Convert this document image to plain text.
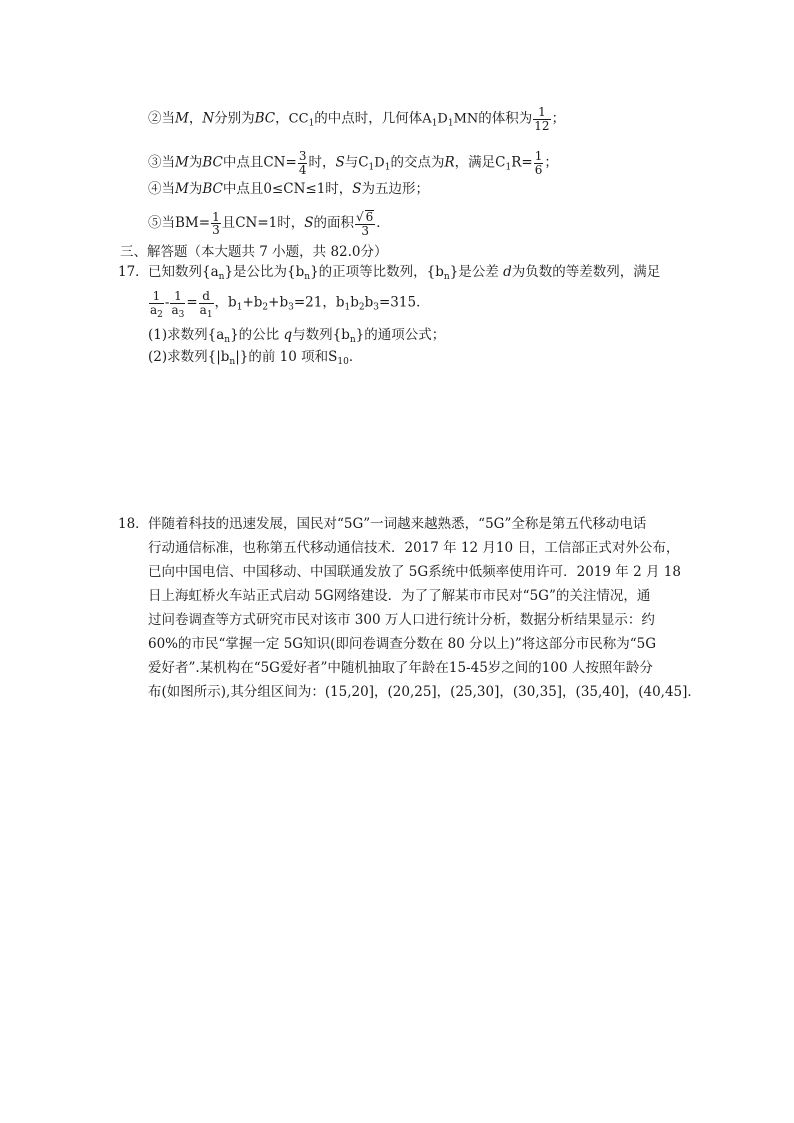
②当M，N分别为BC，$CC_1$的中点时，几何体$A_1D_1MN$的体积为 $\frac{1}{12}$ ；
③当M为BC中点且$CN= \frac{3}{4}$ 时，S与$C_1D_1$的交点为R，满足$C_1R= \frac{1}{6}$ ；
④当M为BC中点且0≤CN≤1时，S为五边形；
⑤当$BM= \frac{1}{3}$ 且CN=1时，S的面积 $\frac{√ 6}{3}$ ．
三、解答题（本大题共 7 小题，共 82.0分）
17． 已知数列$\{a_n\}$是公比为$\{b_n\}$的正项等比数列，$\{b_n\}$是公差 d为负数的等差数列，满足
$\frac{1}{a_2} - \frac{1}{a_3} = \frac{d}{a_1}$ ，$b_1+b_2+b_3=21$，$b_1b_2b_3=315$．
(1)求数列$\{a_n\}$的公比 q与数列$\{b_n\}$的通项公式；
(2)求数列$\{|b_n|\}$的前 10 项和$S_{10}$．
18． 伴随着科技的迅速发展，国民对“5G”一词越来越熟悉，“5G”全称是第五代移动电话
行动通信标准，也称第五代移动通信技术．2017 年 12 月10 日，工信部正式对外公布，
已向中国电信、中国移动、中国联通发放了 5G系统中低频率使用许可．2019 年 2 月 18
日上海虹桥火车站正式启动 5G网络建设．为了了解某市市民对“5G”的关注情况，通
过问卷调查等方式研究市民对该市 300 万人口进行统计分析，数据分析结果显示：约
60%的市民“掌握一定 5G知识(即问卷调查分数在 80 分以上)”将这部分市民称为“5G
爱好者”.某机构在“5G爱好者”中随机抽取了年龄在15-45岁之间的100 人按照年龄分
布(如图所示),其分组区间为：(15,20]，(20,25]，(25,30]，(30,35]，(35,40]，(40,45]．
